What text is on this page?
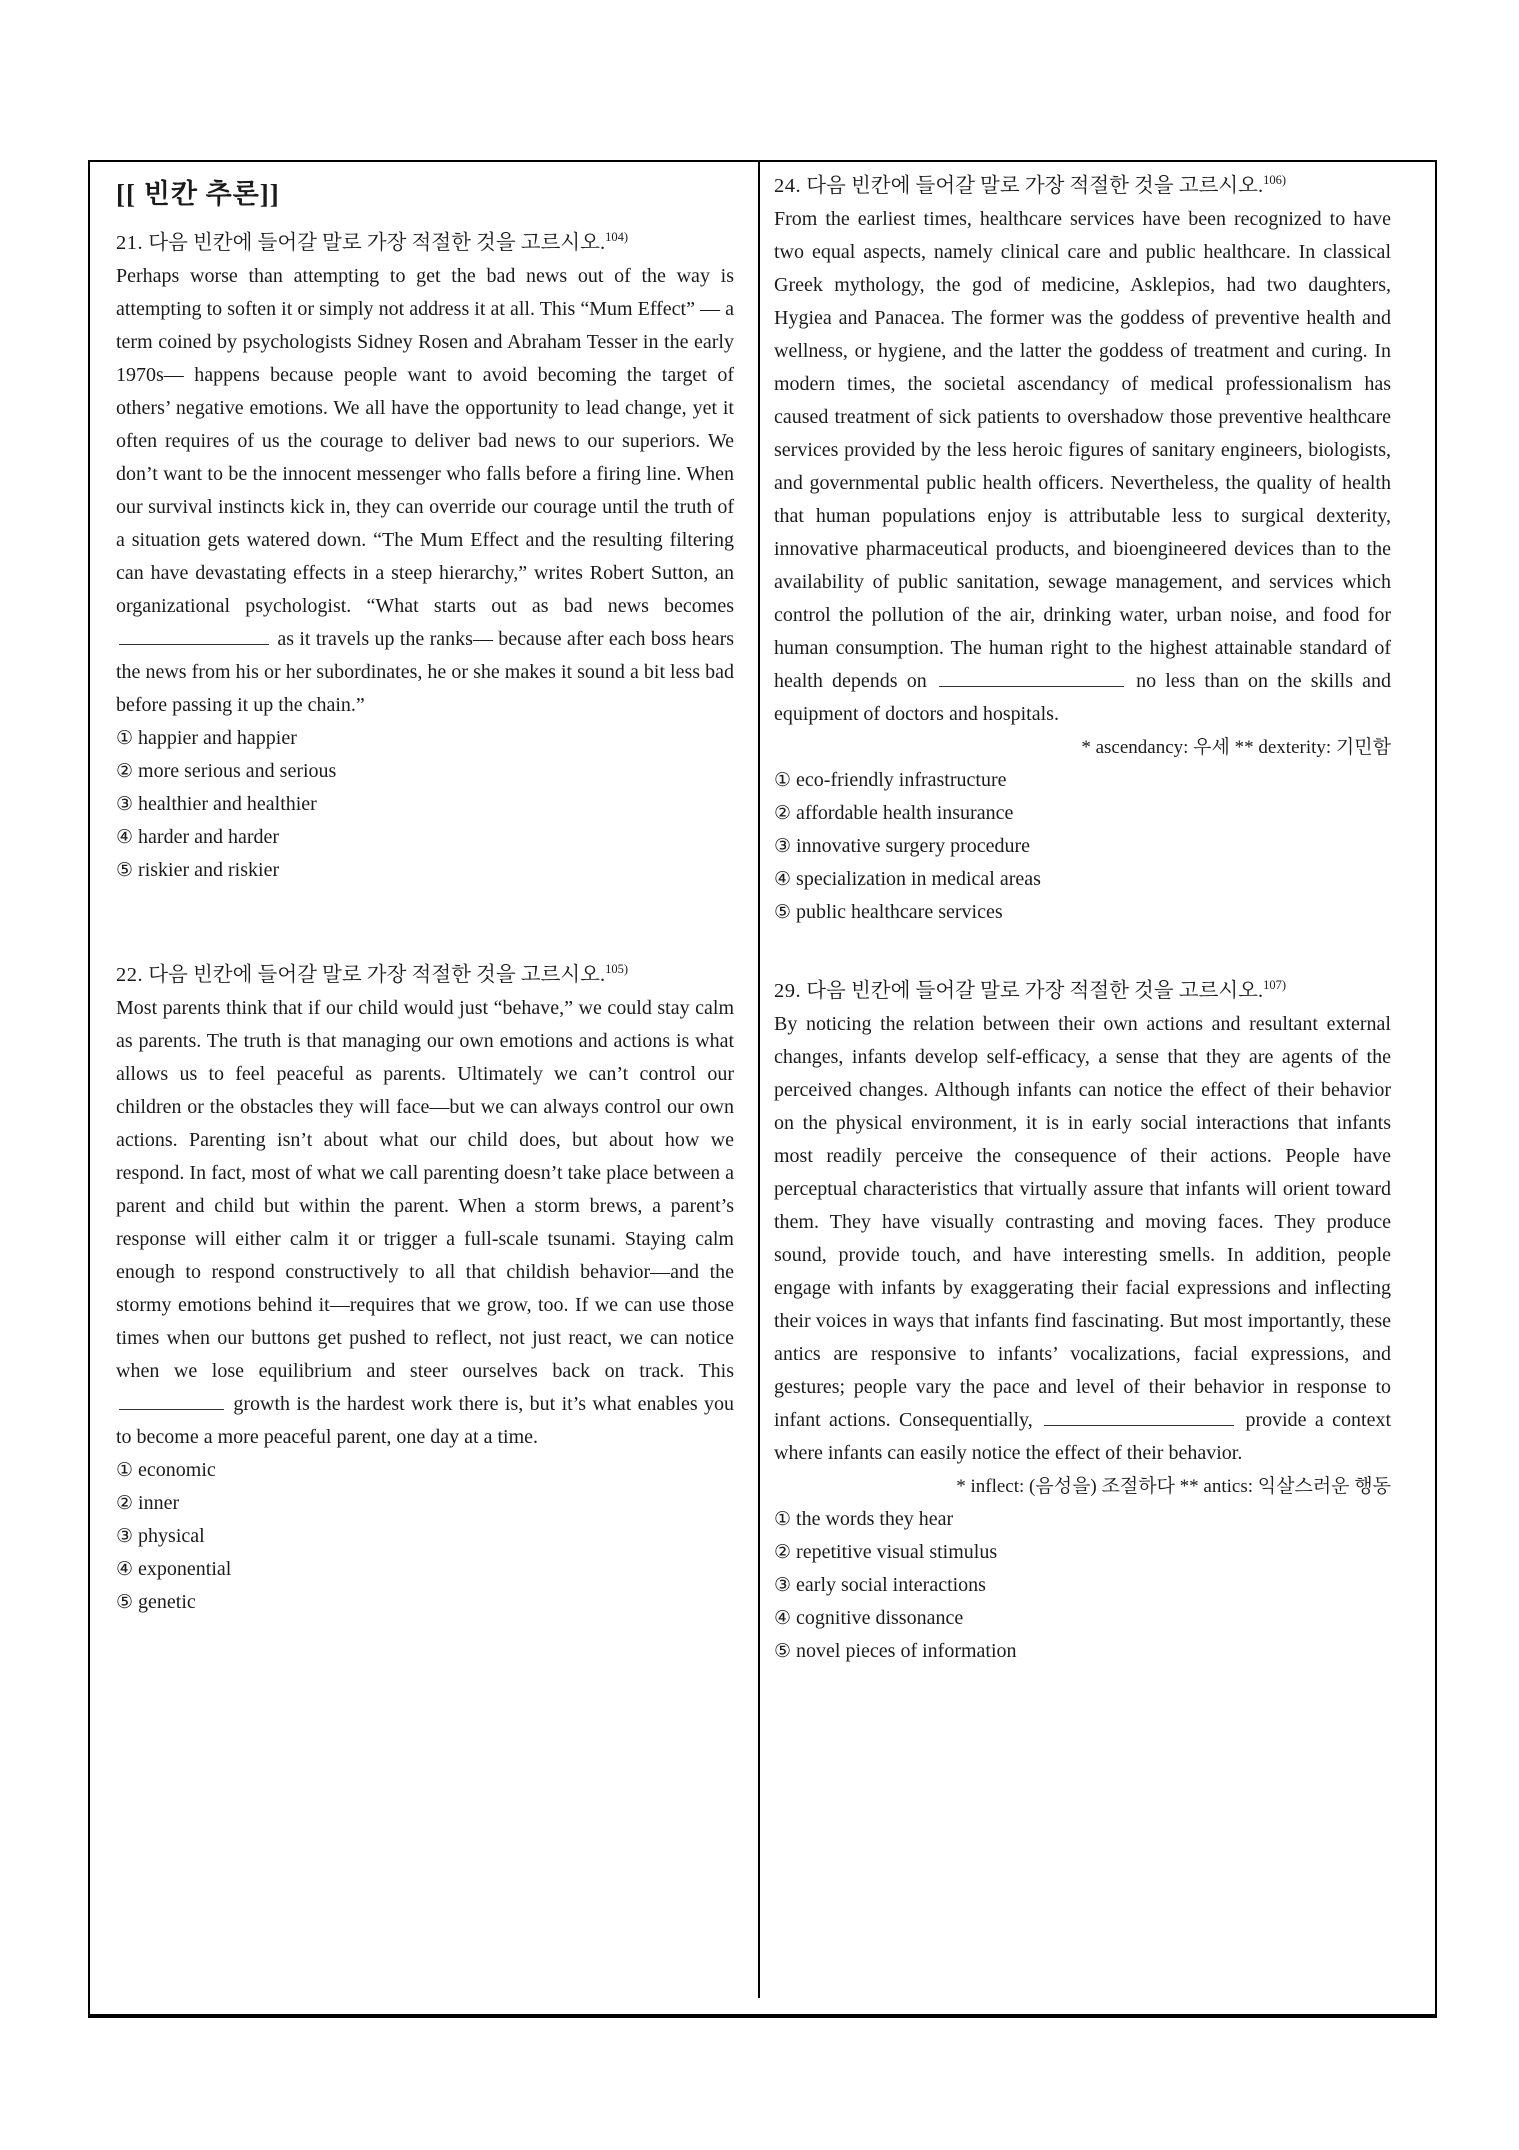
[[ 빈칸 추론]]

21. 다음 빈칸에 들어갈 말로 가장 적절한 것을 고르시오.$^{104)}$

Perhaps worse than attempting to get the bad news out of the way is attempting to soften it or simply not address it at all. This “Mum Effect” — a term coined by psychologists Sidney Rosen and Abraham Tesser in the early 1970s— happens because people want to avoid becoming the target of others’ negative emotions. We all have the opportunity to lead change, yet it often requires of us the courage to deliver bad news to our superiors. We don’t want to be the innocent messenger who falls before a firing line. When our survival instincts kick in, they can override our courage until the truth of a situation gets watered down. “The Mum Effect and the resulting filtering can have devastating effects in a steep hierarchy,” writes Robert Sutton, an organizational psychologist. “What starts out as bad news becomes  as it travels up the ranks— because after each boss hears the news from his or her subordinates, he or she makes it sound a bit less bad before passing it up the chain.”

① happier and happier
② more serious and serious
③ healthier and healthier
④ harder and harder
⑤ riskier and riskier

22. 다음 빈칸에 들어갈 말로 가장 적절한 것을 고르시오.$^{105)}$

Most parents think that if our child would just “behave,” we could stay calm as parents. The truth is that managing our own emotions and actions is what allows us to feel peaceful as parents. Ultimately we can’t control our children or the obstacles they will face—but we can always control our own actions. Parenting isn’t about what our child does, but about how we respond. In fact, most of what we call parenting doesn’t take place between a parent and child but within the parent. When a storm brews, a parent’s response will either calm it or trigger a full-scale tsunami. Staying calm enough to respond constructively to all that childish behavior—and the stormy emotions behind it—requires that we grow, too. If we can use those times when our buttons get pushed to reflect, not just react, we can notice when we lose equilibrium and steer ourselves back on track. This  growth is the hardest work there is, but it’s what enables you to become a more peaceful parent, one day at a time.

① economic
② inner
③ physical
④ exponential
⑤ genetic

24. 다음 빈칸에 들어갈 말로 가장 적절한 것을 고르시오.$^{106)}$

From the earliest times, healthcare services have been recognized to have two equal aspects, namely clinical care and public healthcare. In classical Greek mythology, the god of medicine, Asklepios, had two daughters, Hygiea and Panacea. The former was the goddess of preventive health and wellness, or hygiene, and the latter the goddess of treatment and curing. In modern times, the societal ascendancy of medical professionalism has caused treatment of sick patients to overshadow those preventive healthcare services provided by the less heroic figures of sanitary engineers, biologists, and governmental public health officers. Nevertheless, the quality of health that human populations enjoy is attributable less to surgical dexterity, innovative pharmaceutical products, and bioengineered devices than to the availability of public sanitation, sewage management, and services which control the pollution of the air, drinking water, urban noise, and food for human consumption. The human right to the highest attainable standard of health depends on	no less than on the skills and equipment of doctors and hospitals.

* ascendancy: 우세 ** dexterity: 기민함

① eco-friendly infrastructure
② affordable health insurance
③ innovative surgery procedure
④ specialization in medical areas
⑤ public healthcare services

29. 다음 빈칸에 들어갈 말로 가장 적절한 것을 고르시오.$^{107)}$

By noticing the relation between their own actions and resultant external changes, infants develop self-efficacy, a sense that they are agents of the perceived changes. Although infants can notice the effect of their behavior on the physical environment, it is in early social interactions that infants most readily perceive the consequence of their actions. People have perceptual characteristics that virtually assure that infants will orient toward them. They have visually contrasting and moving faces. They produce sound, provide touch, and have interesting smells. In addition, people engage with infants by exaggerating their facial expressions and inflecting their voices in ways that infants find fascinating. But most importantly, these antics are responsive to infants’ vocalizations, facial expressions, and gestures; people vary the pace and level of their behavior in response to infant actions. Consequentially,	provide a context where infants can easily notice the effect of their behavior.

* inflect: (음성을) 조절하다 ** antics: 익살스러운 행동

① the words they hear
② repetitive visual stimulus
③ early social interactions
④ cognitive dissonance
⑤ novel pieces of information
